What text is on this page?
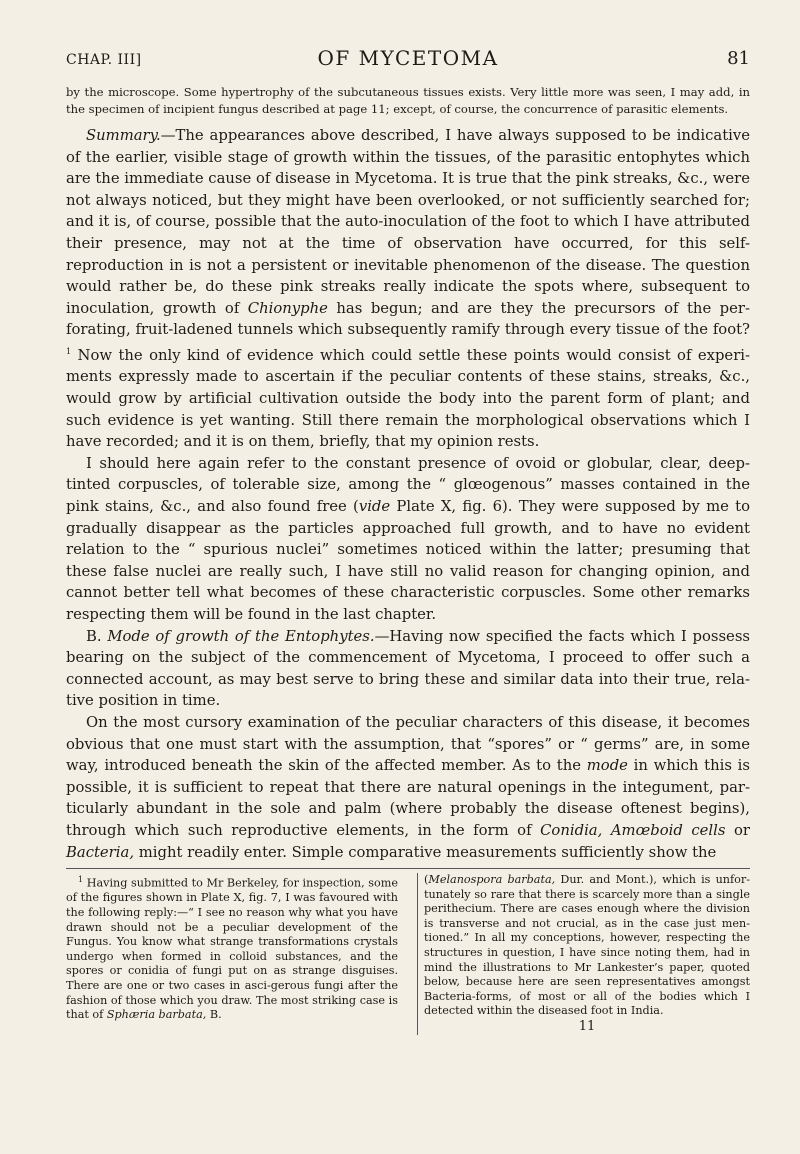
CHAP. III]	OF MYCETOMA	81

by the microscope. Some hypertrophy of the subcutaneous tissues exists. Very little more was seen, I may add, in the specimen of incipient fungus described at page 11; except, of course, the concurrence of parasitic elements.

Summary.—The appearances above described, I have always supposed to be indicative of the earlier, visible stage of growth within the tissues, of the parasitic entophytes which are the immediate cause of disease in Mycetoma. It is true that the pink streaks, &c., were not always noticed, but they might have been overlooked, or not sufficiently searched for; and it is, of course, possible that the auto-inoculation of the foot to which I have attributed their presence, may not at the time of observation have occurred, for this self-reproduction in is not a persistent or inevitable phenomenon of the disease. The question would rather be, do these pink streaks really indicate the spots where, subsequent to inoculation, growth of Chionyphe has begun; and are they the precursors of the per-forating, fruit-ladened tunnels which subsequently ramify through every tissue of the foot?$^1$ Now the only kind of evidence which could settle these points would consist of experi-ments expressly made to ascertain if the peculiar contents of these stains, streaks, &c., would grow by artificial cultivation outside the body into the parent form of plant; and such evidence is yet wanting. Still there remain the morphological observations which I have recorded; and it is on them, briefly, that my opinion rests.

I should here again refer to the constant presence of ovoid or globular, clear, deep-tinted corpuscles, of tolerable size, among the “ glœogenous” masses contained in the pink stains, &c., and also found free (vide Plate X, fig. 6). They were supposed by me to gradually disappear as the particles approached full growth, and to have no evident relation to the “ spurious nuclei” sometimes noticed within the latter; presuming that these false nuclei are really such, I have still no valid reason for changing opinion, and cannot better tell what becomes of these characteristic corpuscles. Some other remarks respecting them will be found in the last chapter.

B. Mode of growth of the Entophytes.—Having now specified the facts which I possess bearing on the subject of the commencement of Mycetoma, I proceed to offer such a connected account, as may best serve to bring these and similar data into their true, rela-tive position in time.

On the most cursory examination of the peculiar characters of this disease, it becomes obvious that one must start with the assumption, that “spores” or “ germs” are, in some way, introduced beneath the skin of the affected member. As to the mode in which this is possible, it is sufficient to repeat that there are natural openings in the integument, par-ticularly abundant in the sole and palm (where probably the disease oftenest begins), through which such reproductive elements, in the form of Conidia, Amœboid cells or Bacteria, might readily enter. Simple comparative measurements sufficiently show the

$^1$ Having submitted to Mr Berkeley, for inspection, some of the figures shown in Plate X, fig. 7, I was favoured with the following reply:—“ I see no reason why what you have drawn should not be a peculiar development of the Fungus. You know what strange transformations crystals undergo when formed in colloid substances, and the spores or conidia of fungi put on as strange disguises. There are one or two cases in asci-gerous fungi after the fashion of those which you draw. The most striking case is that of Sphæria barbata, B.

(Melanospora barbata, Dur. and Mont.), which is unfor-tunately so rare that there is scarcely more than a single perithecium. There are cases enough where the division is transverse and not crucial, as in the case just men-tioned.” In all my conceptions, however, respecting the structures in question, I have since noting them, had in mind the illustrations to Mr Lankester’s paper, quoted below, because here are seen representatives amongst Bacteria-forms, of most or all of the bodies which I detected within the diseased foot in India.

11
